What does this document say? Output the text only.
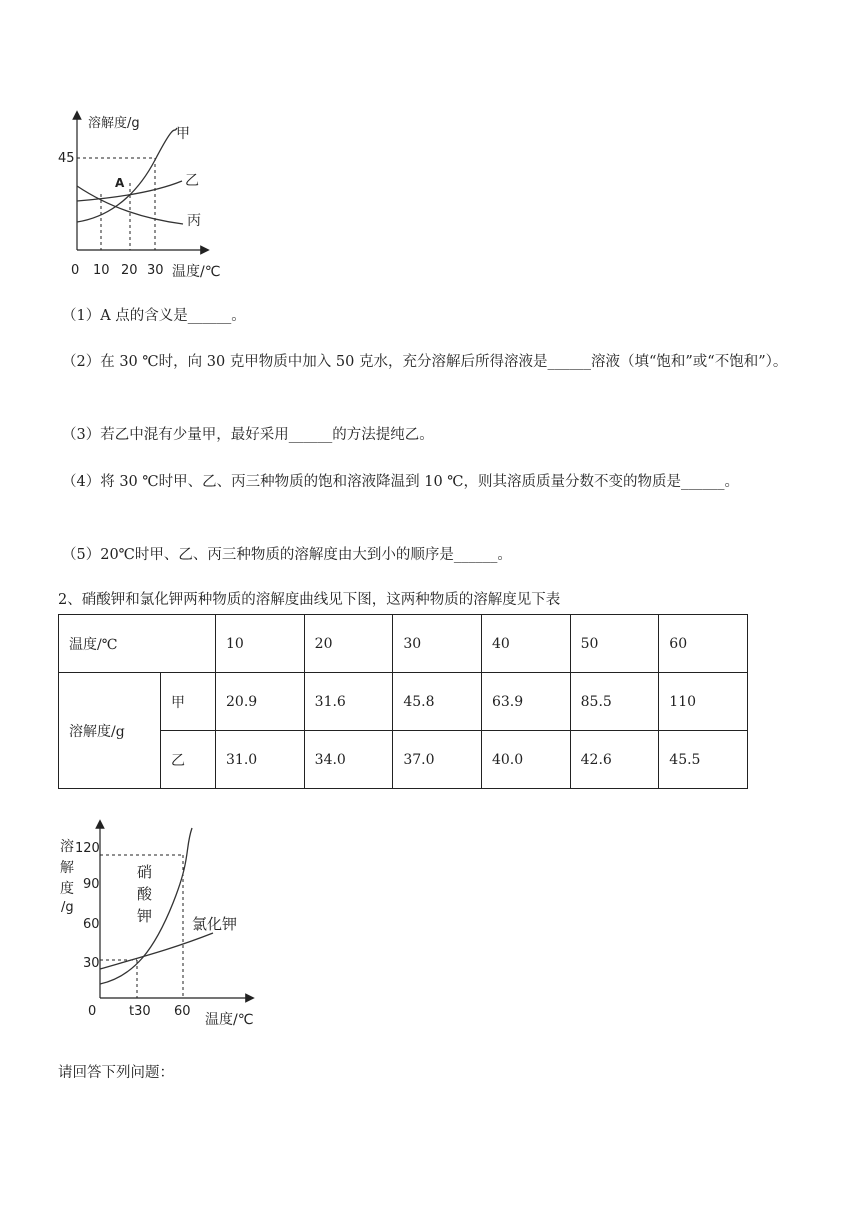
溶解度/g
45
甲
乙
丙
A
0 10 20 30 温度/℃

（1）A 点的含义是______。

（2）在 30 ℃时，向 30 克甲物质中加入 50 克水，充分溶解后所得溶液是______溶液（填“饱和”或“不饱和”）。

（3）若乙中混有少量甲，最好采用______的方法提纯乙。

（4）将 30 ℃时甲、乙、丙三种物质的饱和溶液降温到 10 ℃，则其溶质质量分数不变的物质是______。

（5）20℃时甲、乙、丙三种物质的溶解度由大到小的顺序是______。

2、硝酸钾和氯化钾两种物质的溶解度曲线见下图，这两种物质的溶解度见下表

温度/℃		10	20	30	40	50	60
溶解度/g	甲	20.9	31.6	45.8	63.9	85.5	110
	乙	31.0	34.0	37.0	40.0	42.6	45.5
溶
解
度
/g
120
90
60
30
硝
酸
钾	氯化钾
0	t30 60
温度/℃

请回答下列问题：
